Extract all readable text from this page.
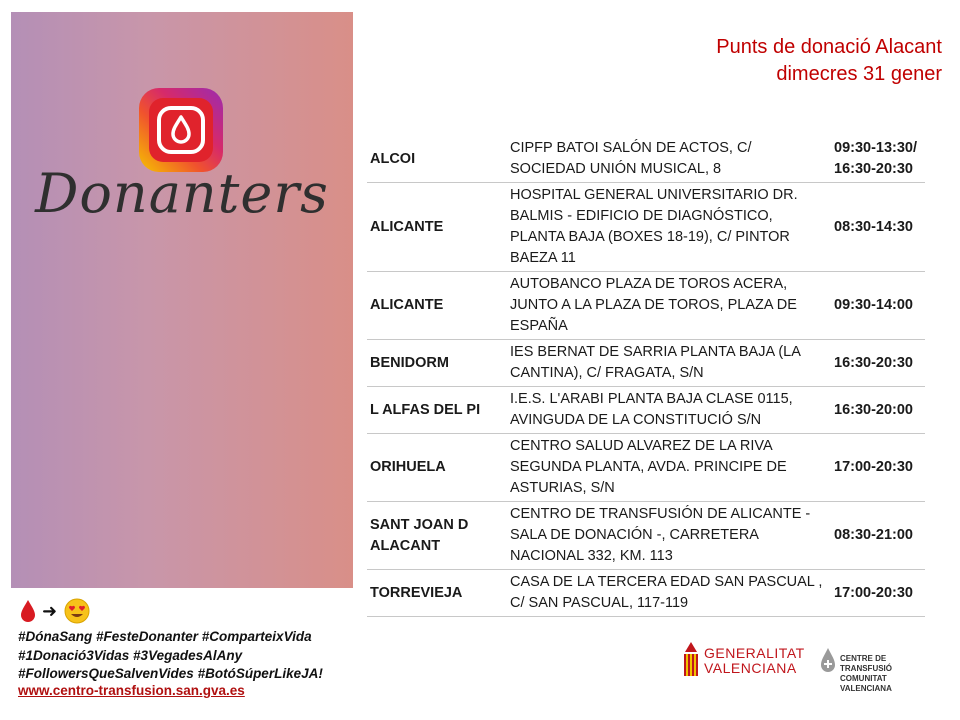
Donanters
Punts de donació Alacant
dimecres 31 gener
ALCOI	CIPFP BATOI SALÓN DE ACTOS, C/ SOCIEDAD UNIÓN MUSICAL, 8	09:30-13:30/
16:30-20:30

ALICANTE	HOSPITAL GENERAL UNIVERSITARIO DR. BALMIS - EDIFICIO DE DIAGNÓSTICO, PLANTA BAJA (BOXES 18-19), C/ PINTOR BAEZA 11	08:30-14:30

ALICANTE	AUTOBANCO PLAZA DE TOROS ACERA, JUNTO A LA PLAZA DE TOROS, PLAZA DE ESPAÑA	09:30-14:00

BENIDORM	IES BERNAT DE SARRIA PLANTA BAJA (LA CANTINA), C/ FRAGATA, S/N	16:30-20:30

L ALFAS DEL PI	I.E.S. L'ARABI PLANTA BAJA CLASE 0115, AVINGUDA DE LA CONSTITUCIÓ S/N	16:30-20:00

ORIHUELA	CENTRO SALUD ALVAREZ DE LA RIVA SEGUNDA PLANTA, AVDA. PRINCIPE DE ASTURIAS, S/N	17:00-20:30

SANT JOAN D ALACANT	CENTRO DE TRANSFUSIÓN DE ALICANTE - SALA DE DONACIÓN -, CARRETERA NACIONAL 332, KM. 113	08:30-21:00

TORREVIEJA	CASA DE LA TERCERA EDAD SAN PASCUAL , C/ SAN PASCUAL, 117-119	17:00-20:30
➜
#DónaSang #FesteDonanter #ComparteixVida
#1Donació3Vidas #3VegadesAlAny
#FollowersQueSalvenVides #BotóSúperLikeJA!
www.centro-transfusion.san.gva.es
GENERALITAT
VALENCIANA
CENTRE DE TRANSFUSIÓ
COMUNITAT VALENCIANA
